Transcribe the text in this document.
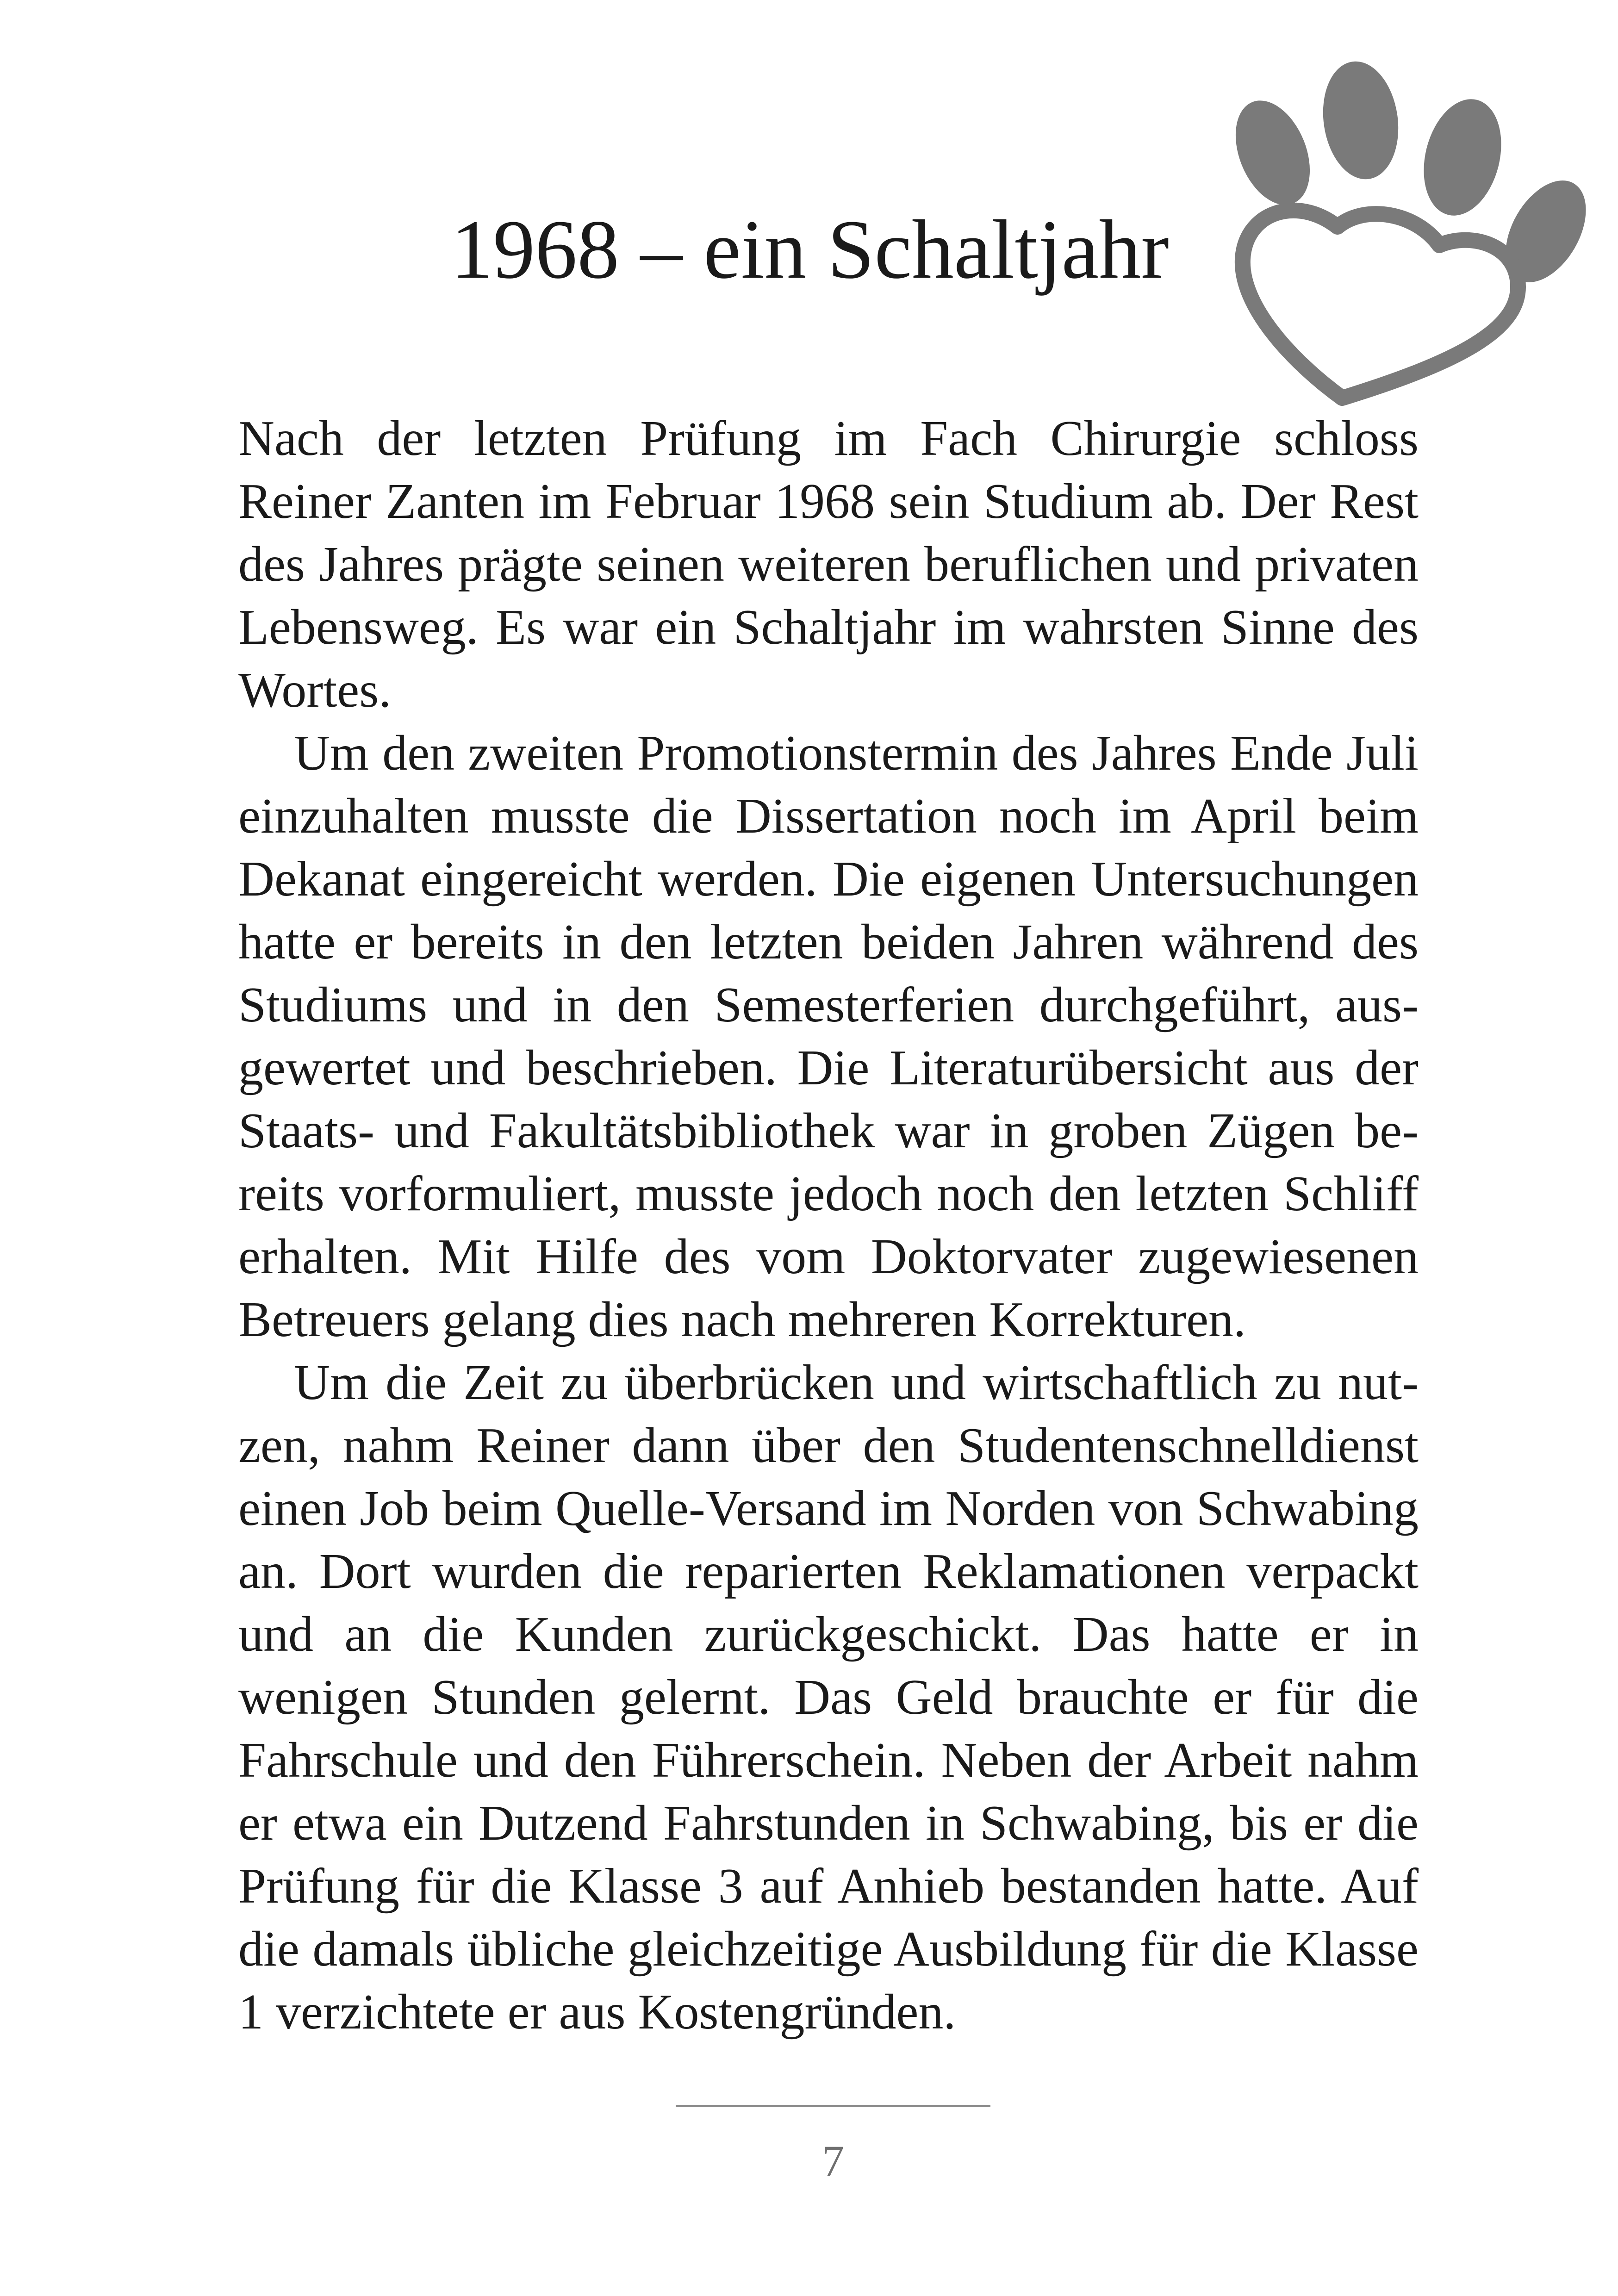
1968 – ein Schaltjahr

Nach der letzten Prüfung im Fach Chirurgie schloss Reiner Zanten im Februar 1968 sein Studium ab. Der Rest des Jahres prägte seinen weiteren beruflichen und privaten Lebensweg. Es war ein Schaltjahr im wahrsten Sinne des Wortes.

Um den zweiten Promotionstermin des Jahres Ende Juli einzuhalten musste die Dissertation noch im April beim Dekanat eingereicht werden. Die eigenen Untersuchungen hatte er bereits in den letzten beiden Jahren während des Studiums und in den Semesterferien durchgeführt, ausgewertet und beschrieben. Die Literaturübersicht aus der Staats- und Fakultätsbibliothek war in groben Zügen bereits vorformuliert, musste jedoch noch den letzten Schliff erhalten. Mit Hilfe des vom Doktorvater zugewiesenen Betreuers gelang dies nach mehreren Korrekturen.

Um die Zeit zu überbrücken und wirtschaftlich zu nutzen, nahm Reiner dann über den Studentenschnelldienst einen Job beim Quelle-Versand im Norden von Schwabing an. Dort wurden die reparierten Reklamationen verpackt und an die Kunden zurückgeschickt. Das hatte er in wenigen Stunden gelernt. Das Geld brauchte er für die Fahrschule und den Führerschein. Neben der Arbeit nahm er etwa ein Dutzend Fahrstunden in Schwabing, bis er die Prüfung für die Klasse 3 auf Anhieb bestanden hatte. Auf die damals übliche gleichzeitige Ausbildung für die Klasse 1 verzichtete er aus Kostengründen.

7
